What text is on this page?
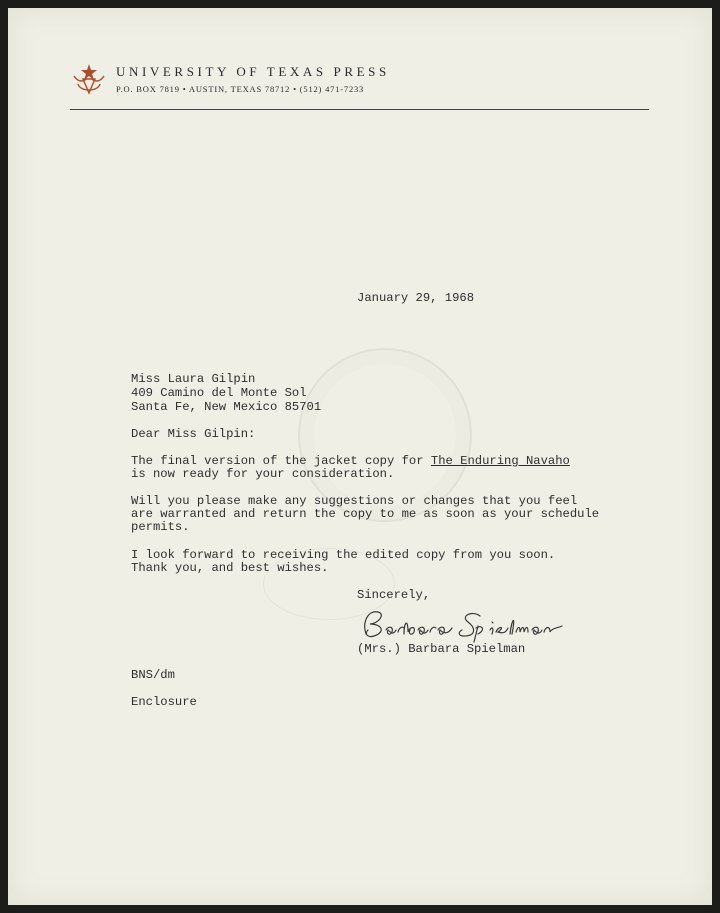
UNIVERSITY OF TEXAS PRESS
P.O. BOX 7819 • AUSTIN, TEXAS 78712 • (512) 471-7233
January 29, 1968
Miss Laura Gilpin
409 Camino del Monte Sol
Santa Fe, New Mexico 85701
Dear Miss Gilpin:
The final version of the jacket copy for The Enduring Navaho
is now ready for your consideration.
Will you please make any suggestions or changes that you feel
are warranted and return the copy to me as soon as your schedule
permits.
I look forward to receiving the edited copy from you soon.
Thank you, and best wishes.
Sincerely,
(Mrs.) Barbara Spielman
BNS/dm
Enclosure
